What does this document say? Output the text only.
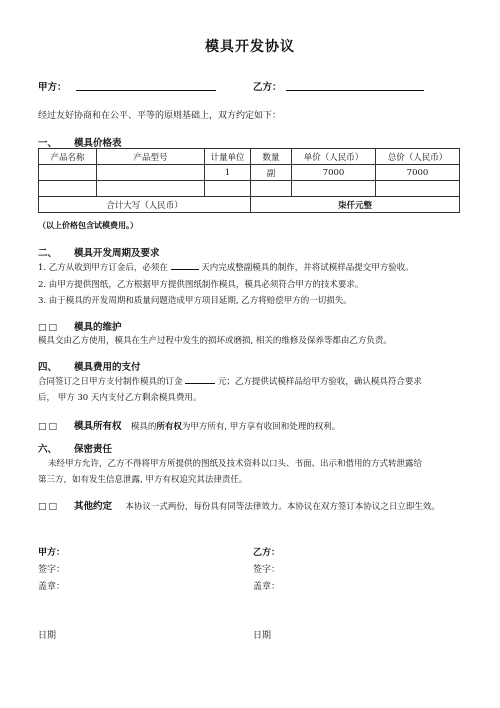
模具开发协议
甲方：	乙方：
经过友好协商和在公平、平等的原则基础上，双方约定如下：
一、 模具价格表
产品名称	产品型号	计量单位	数量	单价（人民币）	总价（人民币）
		1	副	7000	7000

合计大写（人民币）			柒仟元整		
（以上价格包含试模费用。）
二、 模具开发周期及要求
1. 乙方从收到甲方订金后，必须在	天内完成整副模具的制作，并将试模样品提交甲方验收。
2. 由甲方提供图纸，乙方根据甲方提供图纸制作模具，模具必须符合甲方的技术要求。
3. 由于模具的开发周期和质量问题造成甲方项目延期, 乙方将赔偿甲方的一切损失。
□□ 模具的维护
模具交由乙方使用，模具在生产过程中发生的损坏或磨损, 相关的维修及保养等都由乙方负责。
四、 模具费用的支付
合同签订之日甲方支付制作模具的订金	元；乙方提供试模样品给甲方验收，确认模具符合要求
后， 甲方 30 天内支付乙方剩余模具费用。
□□ 模具所有权 模具的所有权为甲方所有, 甲方享有收回和处理的权利。
六、 保密责任
未经甲方允许，乙方不得将甲方所提供的图纸及技术资料以口头、书面、出示和借用的方式转泄露给
第三方，如有发生信息泄露, 甲方有权追究其法律责任。
□□ 其他约定 本协议一式两份，每份具有同等法律效力。本协议在双方签订本协议之日立即生效。
甲方：
签字：
盖章：
日期
乙方：
签字：
盖章：
日期
